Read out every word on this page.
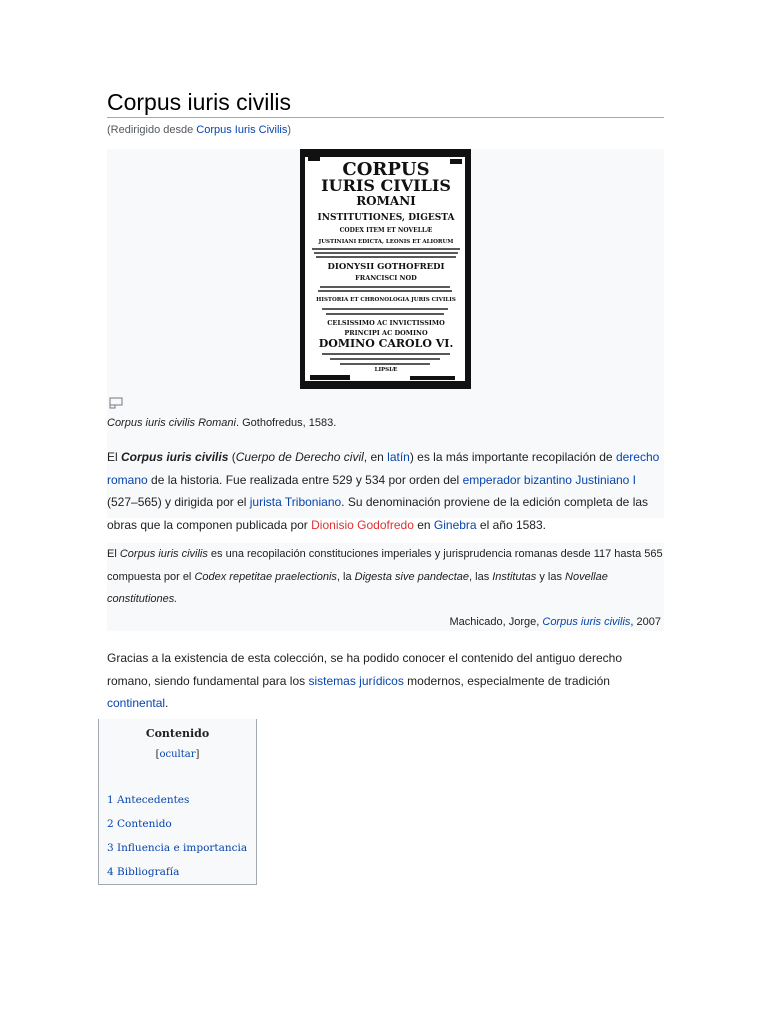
Corpus iuris civilis
(Redirigido desde Corpus Iuris Civilis)
CORPUS
IURIS CIVILIS
ROMANI
INSTITUTIONES, DIGESTA
CODEX ITEM ET NOVELLÆ
JUSTINIANI EDICTA, LEONIS ET ALIORUM
DIONYSII GOTHOFREDI
FRANCISCI NOD
HISTORIA ET CHRONOLOGIA JURIS CIVILIS
CELSISSIMO AC INVICTISSIMO
PRINCIPI AC DOMINO
DOMINO CAROLO VI.
LIPSIÆ
Corpus iuris civilis Romani. Gothofredus, 1583.

El Corpus iuris civilis (Cuerpo de Derecho civil, en latín) es la más importante recopilación de derecho romano de la historia. Fue realizada entre 529 y 534 por orden del emperador bizantino Justiniano I (527–565) y dirigida por el jurista Triboniano. Su denominación proviene de la edición completa de las obras que la componen publicada por Dionisio Godofredo en Ginebra el año 1583.

El Corpus iuris civilis es una recopilación constituciones imperiales y jurisprudencia romanas desde 117 hasta 565 compuesta por el Codex repetitae praelectionis, la Digesta sive pandectae, las Institutas y las Novellae constitutiones.
Machicado, Jorge, Corpus iuris civilis, 2007

Gracias a la existencia de esta colección, se ha podido conocer el contenido del antiguo derecho romano, siendo fundamental para los sistemas jurídicos modernos, especialmente de tradición continental.

Contenido
[ocultar]
1 Antecedentes
2 Contenido
3 Influencia e importancia
4 Bibliografía
